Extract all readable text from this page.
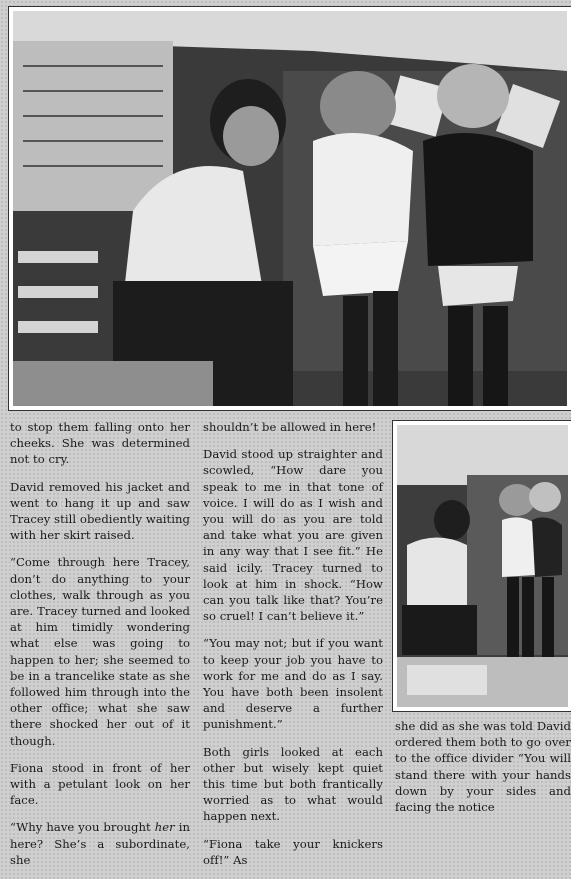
to stop them falling onto her cheeks. She was determined not to cry.

David removed his jacket and went to hang it up and saw Tracey still obediently waiting with her skirt raised.

“Come through here Tracey, don’t do anything to your clothes, walk through as you are. Tracey turned and looked at him timidly wondering what else was going to happen to her; she seemed to be in a trancelike state as she followed him through into the other office; what she saw there shocked her out of it though.

Fiona stood in front of her with a petulant look on her face.

“Why have you brought her in here? She’s a subordinate, she

shouldn’t be allowed in here!

David stood up straighter and scowled, “How dare you speak to me in that tone of voice. I will do as I wish and you will do as you are told and take what you are given in any way that I see fit.” He said icily. Tracey turned to look at him in shock. “How can you talk like that? You’re so cruel! I can’t believe it.”

“You may not; but if you want to keep your job you have to work for me and do as I say. You have both been insolent and deserve a further punishment.”

Both girls looked at each other but wisely kept quiet this time but both frantically worried as to what would happen next.

“Fiona take your knickers off!” As

she did as she was told David ordered them both to go over to the office divider “You will stand there with your hands down by your sides and facing the notice
